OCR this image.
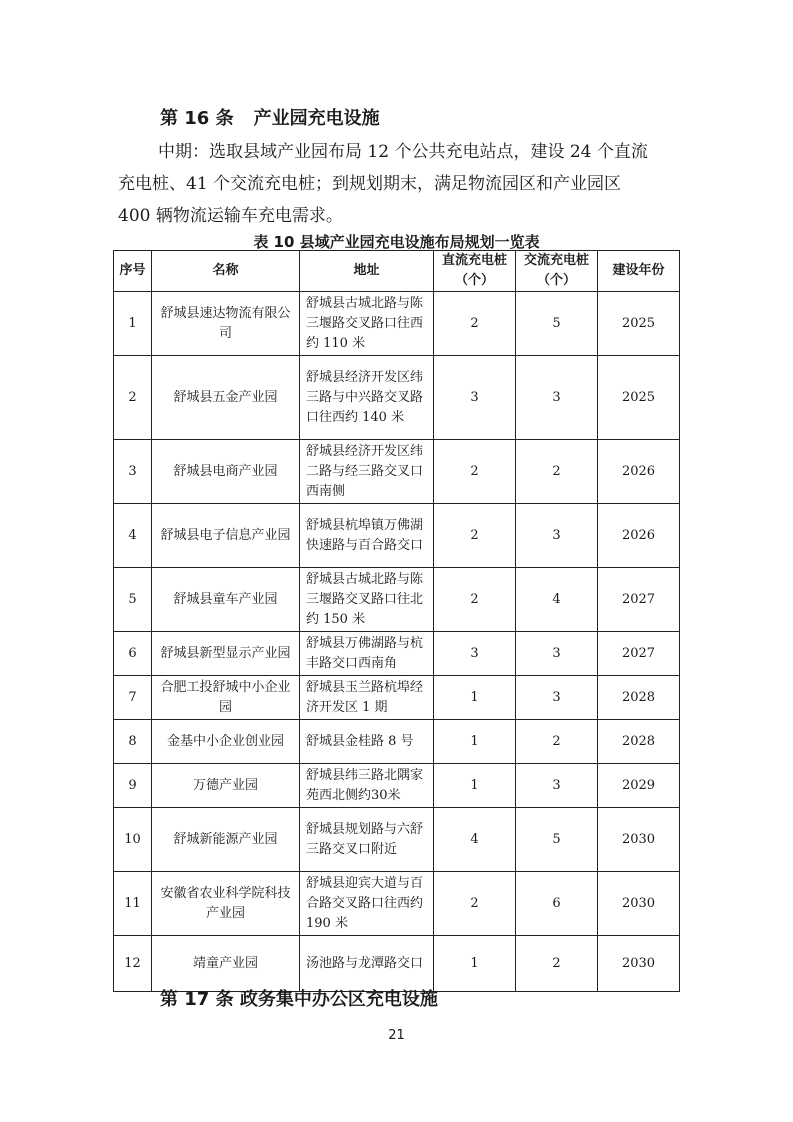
第 16 条 产业园充电设施

中期：选取县域产业园布局 12 个公共充电站点，建设 24 个直流
充电桩、41 个交流充电桩；到规划期末，满足物流园区和产业园区
400 辆物流运输车充电需求。

表 10 县域产业园充电设施布局规划一览表
序号	名称	地址	直流充电桩（个）	交流充电桩（个）	建设年份
1	舒城县速达物流有限公司	舒城县古城北路与陈三堰路交叉路口往西约 110 米	2	5	2025
2	舒城县五金产业园	舒城县经济开发区纬三路与中兴路交叉路口往西约 140 米	3	3	2025
3	舒城县电商产业园	舒城县经济开发区纬二路与经三路交叉口西南侧	2	2	2026
4	舒城县电子信息产业园	舒城县杭埠镇万佛湖快速路与百合路交口	2	3	2026
5	舒城县童车产业园	舒城县古城北路与陈三堰路交叉路口往北约 150 米	2	4	2027
6	舒城县新型显示产业园	舒城县万佛湖路与杭丰路交口西南角	3	3	2027
7	合肥工投舒城中小企业园	舒城县玉兰路杭埠经济开发区 1 期	1	3	2028
8	金基中小企业创业园	舒城县金桂路 8 号	1	2	2028
9	万德产业园	舒城县纬三路北隅家苑西北侧约30米	1	3	2029
10	舒城新能源产业园	舒城县规划路与六舒三路交叉口附近	4	5	2030
11	安徽省农业科学院科技产业园	舒城县迎宾大道与百合路交叉路口往西约 190 米	2	6	2030
12	靖童产业园	汤池路与龙潭路交口	1	2	2030
第 17 条 政务集中办公区充电设施
21
